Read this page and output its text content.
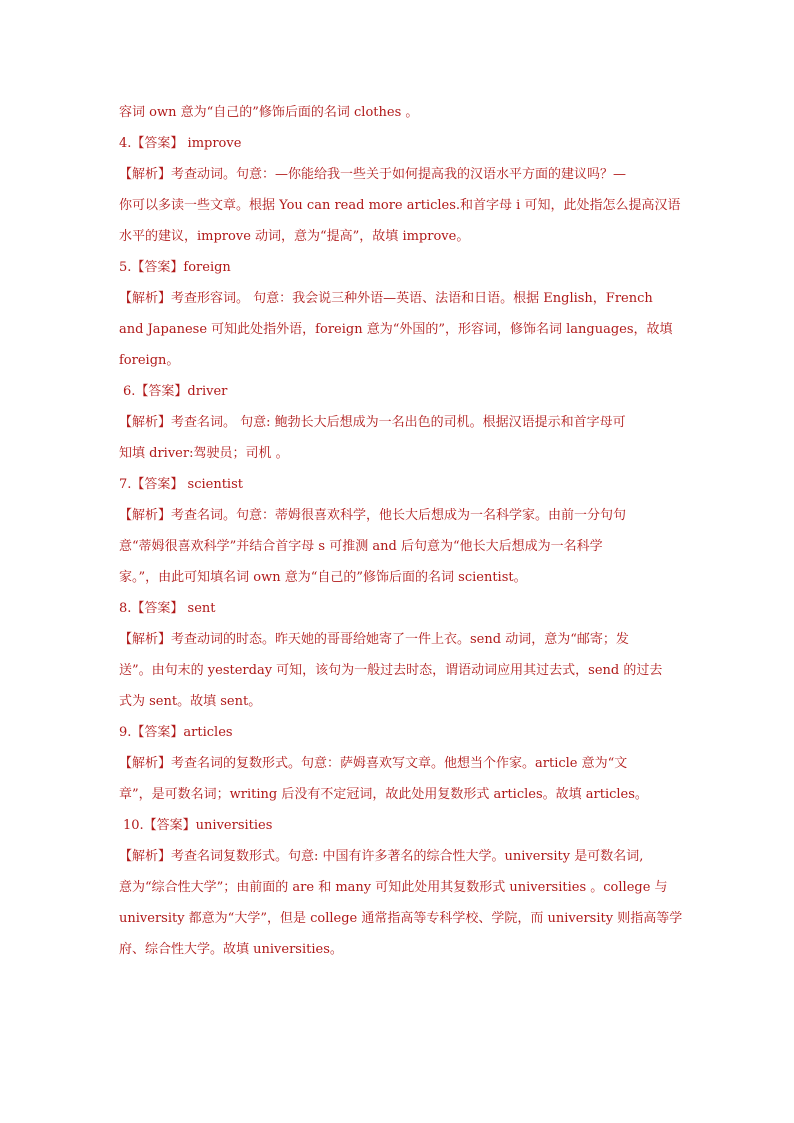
容词 own 意为“自己的”修饰后面的名词 clothes 。
4.【答案】 improve
【解析】考查动词。句意：—你能给我一些关于如何提高我的汉语水平方面的建议吗？—
你可以多读一些文章。根据 You can read more articles.和首字母 i 可知，此处指怎么提高汉语
水平的建议，improve 动词，意为“提高”，故填 improve。
5.【答案】foreign
【解析】考查形容词。 句意：我会说三种外语—英语、法语和日语。根据 English，French
and Japanese 可知此处指外语，foreign 意为“外国的”，形容词，修饰名词 languages，故填
foreign。
6.【答案】driver
【解析】考查名词。 句意: 鲍勃长大后想成为一名出色的司机。根据汉语提示和首字母可
知填 driver:驾驶员；司机 。
7.【答案】 scientist
【解析】考查名词。句意：蒂姆很喜欢科学，他长大后想成为一名科学家。由前一分句句
意“蒂姆很喜欢科学”并结合首字母 s 可推测 and 后句意为“他长大后想成为一名科学
家。”，由此可知填名词 own 意为“自己的”修饰后面的名词 scientist。
8.【答案】 sent
【解析】考查动词的时态。昨天她的哥哥给她寄了一件上衣。send 动词，意为“邮寄；发
送”。由句末的 yesterday 可知，该句为一般过去时态，谓语动词应用其过去式，send 的过去
式为 sent。故填 sent。
9.【答案】articles
【解析】考查名词的复数形式。句意：萨姆喜欢写文章。他想当个作家。article 意为“文
章”，是可数名词；writing 后没有不定冠词，故此处用复数形式 articles。故填 articles。
10.【答案】universities
【解析】考查名词复数形式。句意: 中国有许多著名的综合性大学。university 是可数名词,
意为“综合性大学”；由前面的 are 和 many 可知此处用其复数形式 universities 。college 与
university 都意为“大学”，但是 college 通常指高等专科学校、学院，而 university 则指高等学
府、综合性大学。故填 universities。
